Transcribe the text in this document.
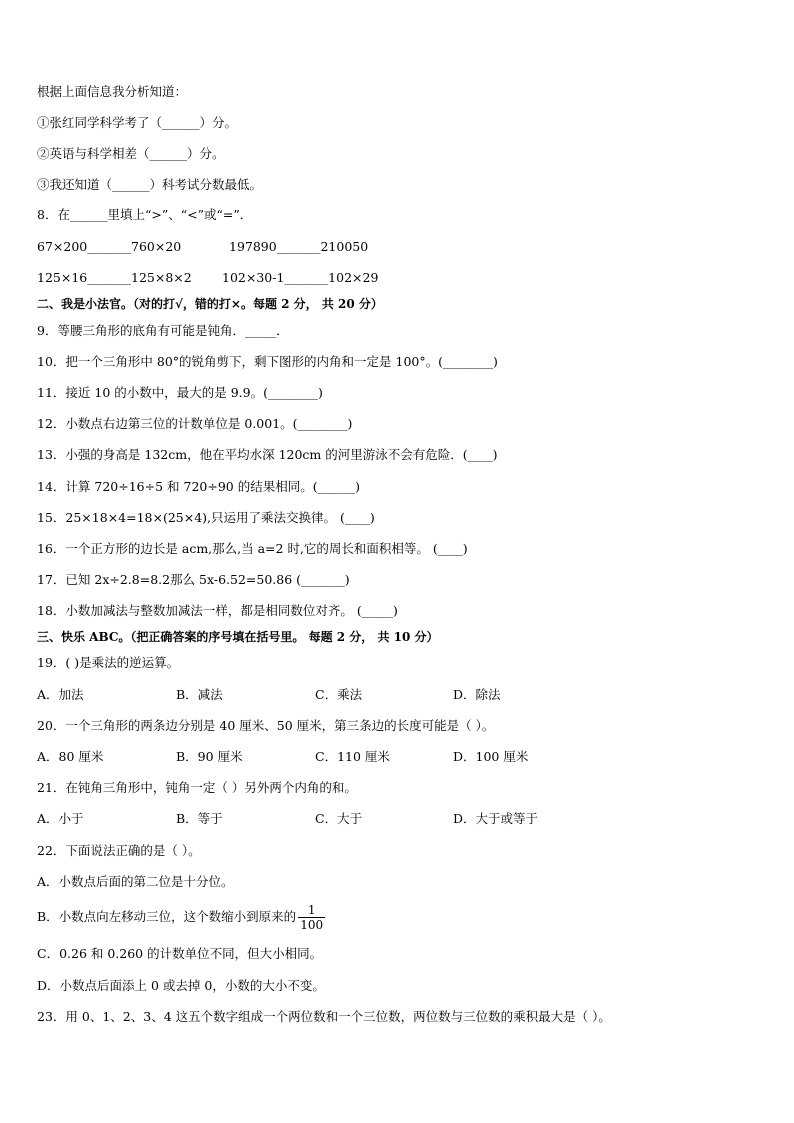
根据上面信息我分析知道：
①张红同学科学考了（______）分。
②英语与科学相差（______）分。
③我还知道（______）科考试分数最低。
8．在______里填上“>”、“<”或“=”．
67×200_______760×20	197890_______210050
125×16_______125×8×2 102×30-1_______102×29
二、我是小法官。（对的打√，错的打×。每题 2 分， 共 20 分）
9．等腰三角形的底角有可能是钝角．_____．
10．把一个三角形中 80°的锐角剪下，剩下图形的内角和一定是 100°。(________)
11．接近 10 的小数中，最大的是 9.9。(________)
12．小数点右边第三位的计数单位是 0.001。(________)
13．小强的身高是 132cm，他在平均水深 120cm 的河里游泳不会有危险．(____)
14．计算 720÷16÷5 和 720÷90 的结果相同。(______)
15．25×18×4=18×(25×4),只运用了乘法交换律。 (____)
16．一个正方形的边长是 acm,那么,当 a=2 时,它的周长和面积相等。 (____)
17．已知 2x÷2.8=8.2那么 5x-6.52=50.86 (_______)
18．小数加减法与整数加减法一样，都是相同数位对齐。 (_____)
三、快乐 ABC。（把正确答案的序号填在括号里。 每题 2 分， 共 10 分）
19．( )是乘法的逆运算。
A．加法	B．减法	C．乘法	D．除法
20．一个三角形的两条边分别是 40 厘米、50 厘米，第三条边的长度可能是（ ）。
A．80 厘米	B．90 厘米	C．110 厘米	D．100 厘米
21．在钝角三角形中，钝角一定（ ）另外两个内角的和。
A．小于	B．等于	C．大于	D．大于或等于
22．下面说法正确的是（ ）。
A．小数点后面的第二位是十分位。
B．小数点向左移动三位，这个数缩小到原来的 $\frac{1}{100}$
C．0.26 和 0.260 的计数单位不同，但大小相同。
D．小数点后面添上 0 或去掉 0，小数的大小不变。
23．用 0、1、2、3、4 这五个数字组成一个两位数和一个三位数，两位数与三位数的乘积最大是（ ）。
